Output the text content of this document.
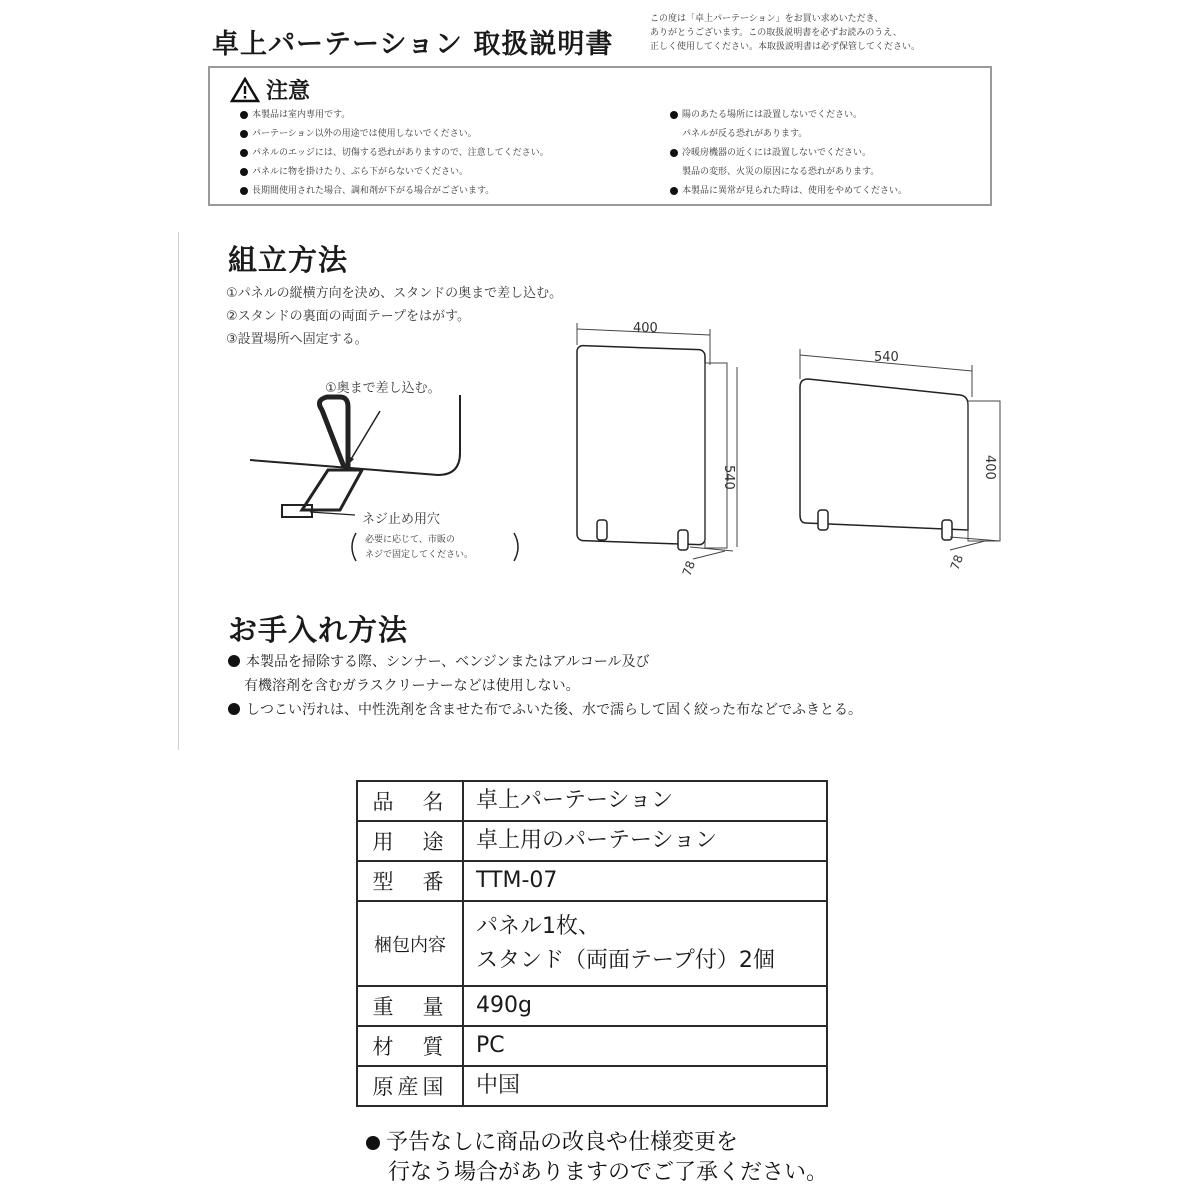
卓上パーテーション 取扱説明書
この度は「卓上パーテーション」をお買い求めいただき、
ありがとうございます。この取扱説明書を必ずお読みのうえ、
正しく使用してください。本取扱説明書は必ず保管してください。
注意
本製品は室内専用です。
パーテーション以外の用途では使用しないでください。
パネルのエッジには、切傷する恐れがありますので、注意してください。
パネルに物を掛けたり、ぶら下がらないでください。
長期間使用された場合、調和剤が下がる場合がございます。
陽のあたる場所には設置しないでください。
パネルが反る恐れがあります。
冷暖房機器の近くには設置しないでください。
製品の変形、火災の原因になる恐れがあります。
本製品に異常が見られた時は、使用をやめてください。
組立方法
①パネルの縦横方向を決め、スタンドの奥まで差し込む。
②スタンドの裏面の両面テープをはがす。
③設置場所へ固定する。
①奥まで差し込む。
ネジ止め用穴
必要に応じて、市販の
ネジで固定してください。
400
540
78
540
400
78
お手入れ方法

本製品を掃除する際、シンナー、ベンジンまたはアルコール及び

有機溶剤を含むガラスクリーナーなどは使用しない。

しつこい汚れは、中性洗剤を含ませた布でふいた後、水で濡らして固く絞った布などでふきとる。

品　名	卓上パーテーション
用　途	卓上用のパーテーション
型　番	TTM-07
梱包内容	パネル1枚、
スタンド（両面テープ付）2個

重　量	490g
材　質	PC
原産国	中国

予告なしに商品の改良や仕様変更を

行なう場合がありますのでご了承ください。
